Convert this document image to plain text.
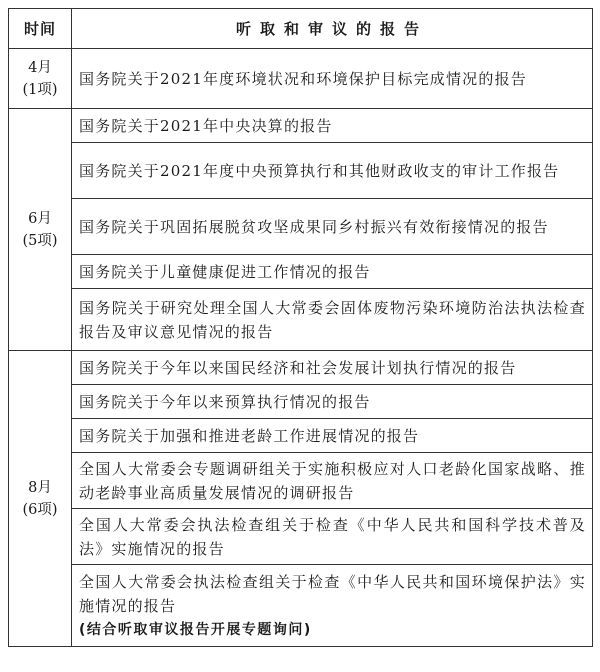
时间	听取和审议的报告

4月
(1项)	国务院关于2021年度环境状况和环境保护目标完成情况的报告

6月
(5项)	国务院关于2021年中央决算的报告
	国务院关于2021年度中央预算执行和其他财政收支的审计工作报告
	国务院关于巩固拓展脱贫攻坚成果同乡村振兴有效衔接情况的报告
	国务院关于儿童健康促进工作情况的报告
	国务院关于研究处理全国人大常委会固体废物污染环境防治法执法检查报告及审议意见情况的报告

8月
(6项)	国务院关于今年以来国民经济和社会发展计划执行情况的报告
	国务院关于今年以来预算执行情况的报告
	国务院关于加强和推进老龄工作进展情况的报告
	全国人大常委会专题调研组关于实施积极应对人口老龄化国家战略、推动老龄事业高质量发展情况的调研报告
	全国人大常委会执法检查组关于检查《中华人民共和国科学技术普及法》实施情况的报告
	全国人大常委会执法检查组关于检查《中华人民共和国环境保护法》实施情况的报告
(结合听取审议报告开展专题询问)
